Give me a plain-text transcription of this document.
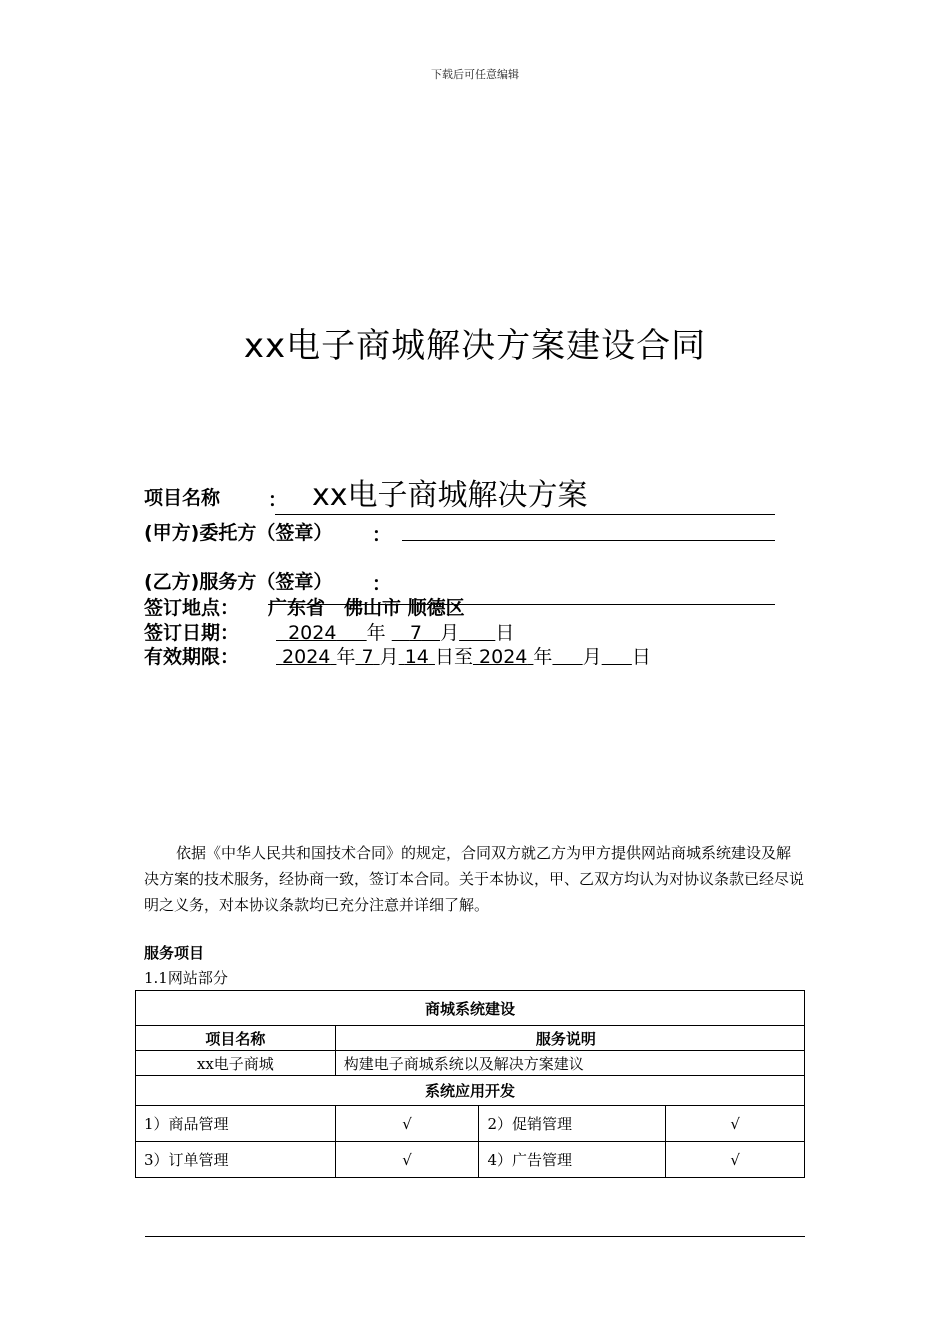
下载后可任意编辑
xx电子商城解决方案建设合同
项目名称	： xx电子商城解决方案
(甲方)委托方（签章） ：
(乙方)服务方（签章） ：
签订地点： 广东省　佛山市 顺德区
签订日期：	2024 年 7 月 日
有效期限：	2024 年 7 月 14 日至 2024 年 月 日
依据《中华人民共和国技术合同》的规定，合同双方就乙方为甲方提供网站商城系统建设及解决方案的技术服务，经协商一致，签订本合同。关于本协议，甲、乙双方均认为对协议条款已经尽说明之义务，对本协议条款均已充分注意并详细了解。
服务项目
1.1网站部分
商城系统建设			
项目名称	服务说明		
xx电子商城	构建电子商城系统以及解决方案建议		
系统应用开发			
1）商品管理	√	2）促销管理	√
3）订单管理	√	4）广告管理	√
